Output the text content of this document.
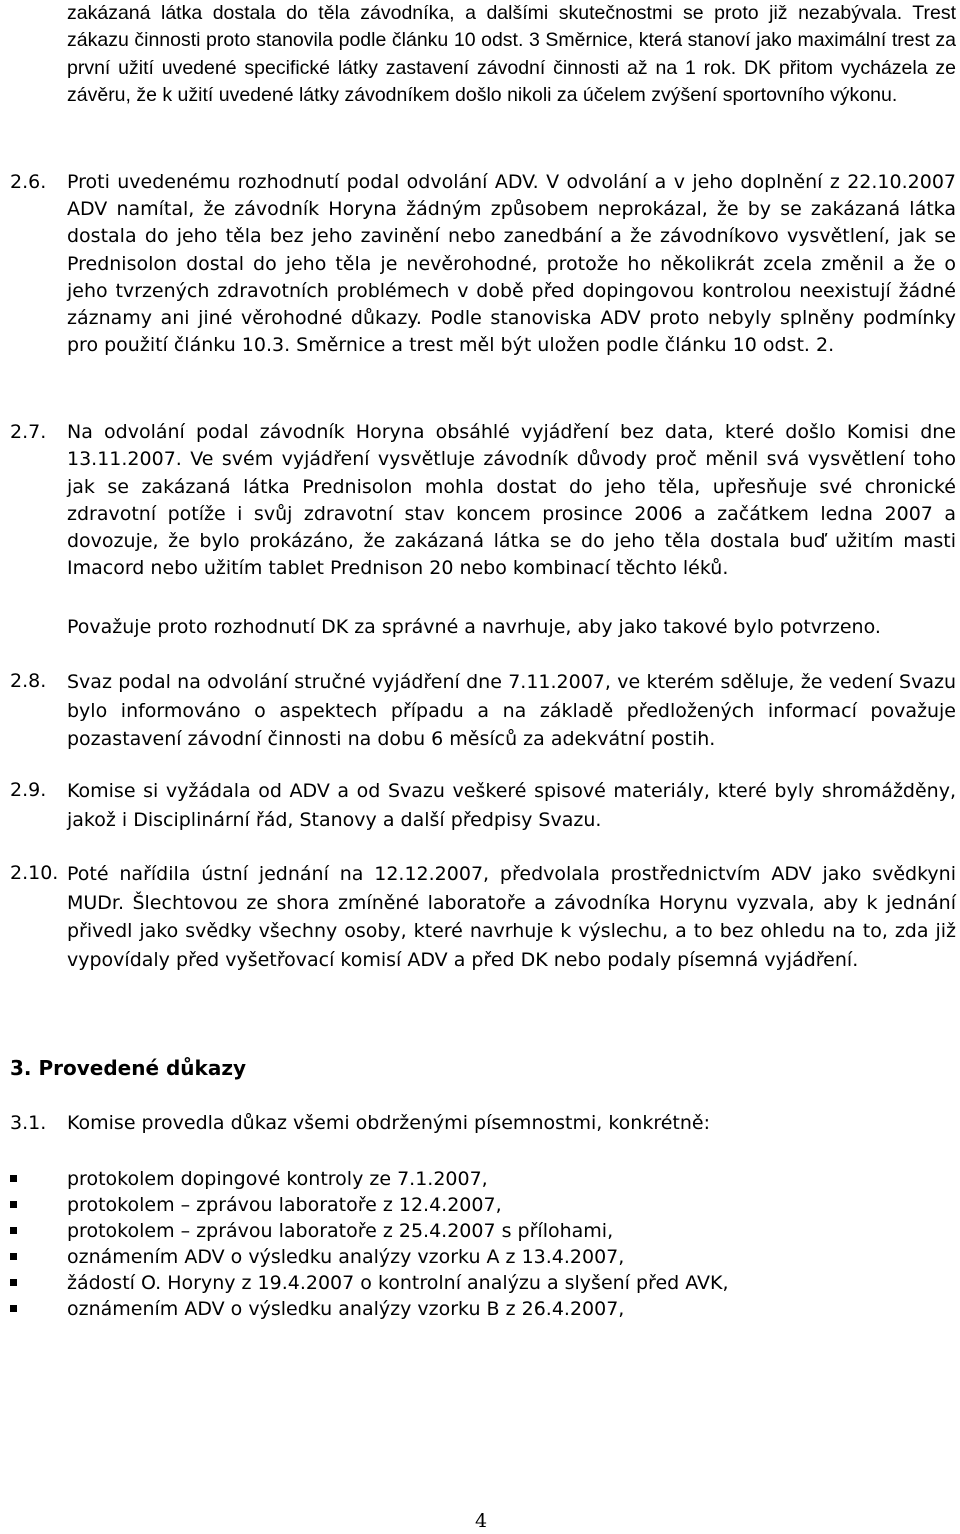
zakázaná látka dostala do těla závodníka, a dalšími skutečnostmi se proto již nezabývala. Trest zákazu činnosti proto stanovila podle článku 10 odst. 3 Směrnice, která stanoví jako maximální trest za první užití uvedené specifické látky zastavení závodní činnosti až na 1 rok. DK přitom vycházela ze závěru, že k užití uvedené látky závodníkem došlo nikoli za účelem zvýšení sportovního výkonu.

2.6. Proti uvedenému rozhodnutí podal odvolání ADV. V odvolání a v jeho doplnění z 22.10.2007 ADV namítal, že závodník Horyna žádným způsobem neprokázal, že by se zakázaná látka dostala do jeho těla bez jeho zavinění nebo zanedbání a že závodníkovo vysvětlení, jak se Prednisolon dostal do jeho těla je nevěrohodné, protože ho několikrát zcela změnil a že o jeho tvrzených zdravotních problémech v době před dopingovou kontrolou neexistují žádné záznamy ani jiné věrohodné důkazy. Podle stanoviska ADV proto nebyly splněny podmínky pro použití článku 10.3. Směrnice a trest měl být uložen podle článku 10 odst. 2.

2.7. Na odvolání podal závodník Horyna obsáhlé vyjádření bez data, které došlo Komisi dne 13.11.2007. Ve svém vyjádření vysvětluje závodník důvody proč měnil svá vysvětlení toho jak se zakázaná látka Prednisolon mohla dostat do jeho těla, upřesňuje své chronické zdravotní potíže i svůj zdravotní stav koncem prosince 2006 a začátkem ledna 2007 a dovozuje, že bylo prokázáno, že zakázaná látka se do jeho těla dostala buď užitím masti Imacord nebo užitím tablet Prednison 20 nebo kombinací těchto léků.

Považuje proto rozhodnutí DK za správné a navrhuje, aby jako takové bylo potvrzeno.

2.8. Svaz podal na odvolání stručné vyjádření dne 7.11.2007, ve kterém sděluje, že vedení Svazu bylo informováno o aspektech případu a na základě předložených informací považuje pozastavení závodní činnosti na dobu 6 měsíců za adekvátní postih.

2.9. Komise si vyžádala od ADV a od Svazu veškeré spisové materiály, které byly shromážděny, jakož i Disciplinární řád, Stanovy a další předpisy Svazu.

2.10. Poté nařídila ústní jednání na 12.12.2007, předvolala prostřednictvím ADV jako svědkyni MUDr. Šlechtovou ze shora zmíněné laboratoře a závodníka Horynu vyzvala, aby k jednání přivedl jako svědky všechny osoby, které navrhuje k výslechu, a to bez ohledu na to, zda již vypovídaly před vyšetřovací komisí ADV a před DK nebo podaly písemná vyjádření.

3. Provedené důkazy
3.1. Komise provedla důkaz všemi obdrženými písemnostmi, konkrétně:

protokolem dopingové kontroly ze 7.1.2007,
protokolem – zprávou laboratoře z 12.4.2007,
protokolem – zprávou laboratoře z 25.4.2007 s přílohami,
oznámením ADV o výsledku analýzy vzorku A z 13.4.2007,
žádostí O. Horyny z 19.4.2007 o kontrolní analýzu a slyšení před AVK,
oznámením ADV o výsledku analýzy vzorku B z 26.4.2007,
4
